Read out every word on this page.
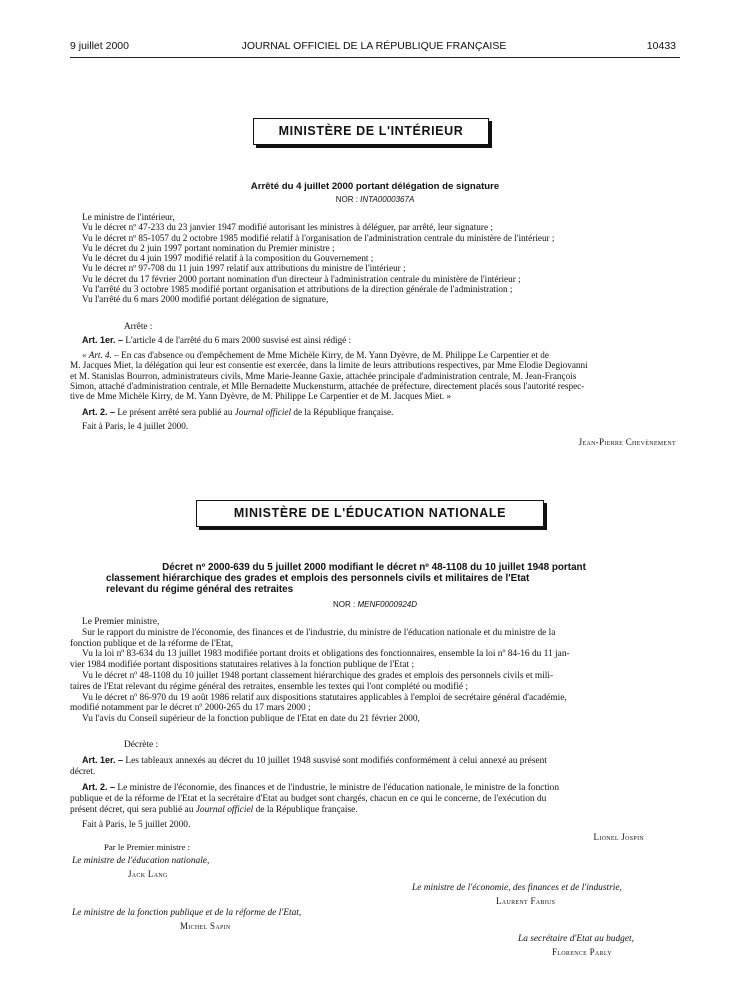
9 juillet 2000	JOURNAL OFFICIEL DE LA RÉPUBLIQUE FRANÇAISE	10433
MINISTÈRE DE L'INTÉRIEUR
Arrêté du 4 juillet 2000 portant délégation de signature
NOR : INTA0000367A
Le ministre de l'intérieur,
Vu le décret nº 47-233 du 23 janvier 1947 modifié autorisant les ministres à déléguer, par arrêté, leur signature ;
Vu le décret nº 85-1057 du 2 octobre 1985 modifié relatif à l'organisation de l'administration centrale du ministère de l'intérieur ;
Vu le décret du 2 juin 1997 portant nomination du Premier ministre ;
Vu le décret du 4 juin 1997 modifié relatif à la composition du Gouvernement ;
Vu le décret nº 97-708 du 11 juin 1997 relatif aux attributions du ministre de l'intérieur ;
Vu le décret du 17 février 2000 portant nomination d'un directeur à l'administration centrale du ministère de l'intérieur ;
Vu l'arrêté du 3 octobre 1985 modifié portant organisation et attributions de la direction générale de l'administration ;
Vu l'arrêté du 6 mars 2000 modifié portant délégation de signature,
Arrête :
Art. 1er. – L'article 4 de l'arrêté du 6 mars 2000 susvisé est ainsi rédigé :
« Art. 4. – En cas d'absence ou d'empêchement de Mme Michèle Kirry, de M. Yann Dyèvre, de M. Philippe Le Carpentier et de
M. Jacques Miet, la délégation qui leur est consentie est exercée, dans la limite de leurs attributions respectives, par Mme Elodie Degiovanni
et M. Stanislas Bourron, administrateurs civils, Mme Marie-Jeanne Gaxie, attachée principale d'administration centrale, M. Jean-François
Simon, attaché d'administration centrale, et Mlle Bernadette Muckensturm, attachée de préfecture, directement placés sous l'autorité respec-
tive de Mme Michèle Kirry, de M. Yann Dyèvre, de M. Philippe Le Carpentier et de M. Jacques Miet. »
Art. 2. – Le présent arrêté sera publié au Journal officiel de la République française.
Fait à Paris, le 4 juillet 2000.
Jean-Pierre Chevènement
MINISTÈRE DE L'ÉDUCATION NATIONALE
Décret nº 2000-639 du 5 juillet 2000 modifiant le décret nº 48-1108 du 10 juillet 1948 portant
classement hiérarchique des grades et emplois des personnels civils et militaires de l'Etat
relevant du régime général des retraites
NOR : MENF0000924D
Le Premier ministre,
Sur le rapport du ministre de l'économie, des finances et de l'industrie, du ministre de l'éducation nationale et du ministre de la
fonction publique et de la réforme de l'Etat,
Vu la loi nº 83-634 du 13 juillet 1983 modifiée portant droits et obligations des fonctionnaires, ensemble la loi nº 84-16 du 11 jan-
vier 1984 modifiée portant dispositions statutaires relatives à la fonction publique de l'Etat ;
Vu le décret nº 48-1108 du 10 juillet 1948 portant classement hiérarchique des grades et emplois des personnels civils et mili-
taires de l'Etat relevant du régime général des retraites, ensemble les textes qui l'ont complété ou modifié ;
Vu le décret nº 86-970 du 19 août 1986 relatif aux dispositions statutaires applicables à l'emploi de secrétaire général d'académie,
modifié notamment par le décret nº 2000-265 du 17 mars 2000 ;
Vu l'avis du Conseil supérieur de la fonction publique de l'Etat en date du 21 février 2000,
Décrète :
Art. 1er. – Les tableaux annexés au décret du 10 juillet 1948 susvisé sont modifiés conformément à celui annexé au présent
décret.
Art. 2. – Le ministre de l'économie, des finances et de l'industrie, le ministre de l'éducation nationale, le ministre de la fonction
publique et de la réforme de l'Etat et la secrétaire d'Etat au budget sont chargés, chacun en ce qui le concerne, de l'exécution du
présent décret, qui sera publié au Journal officiel de la République française.
Fait à Paris, le 5 juillet 2000.
Lionel Jospin
Par le Premier ministre :
Le ministre de l'éducation nationale,
Jack Lang
Le ministre de l'économie, des finances et de l'industrie,
Laurent Fabius
Le ministre de la fonction publique et de la réforme de l'Etat,
Michel Sapin
La secrétaire d'Etat au budget,
Florence Parly
